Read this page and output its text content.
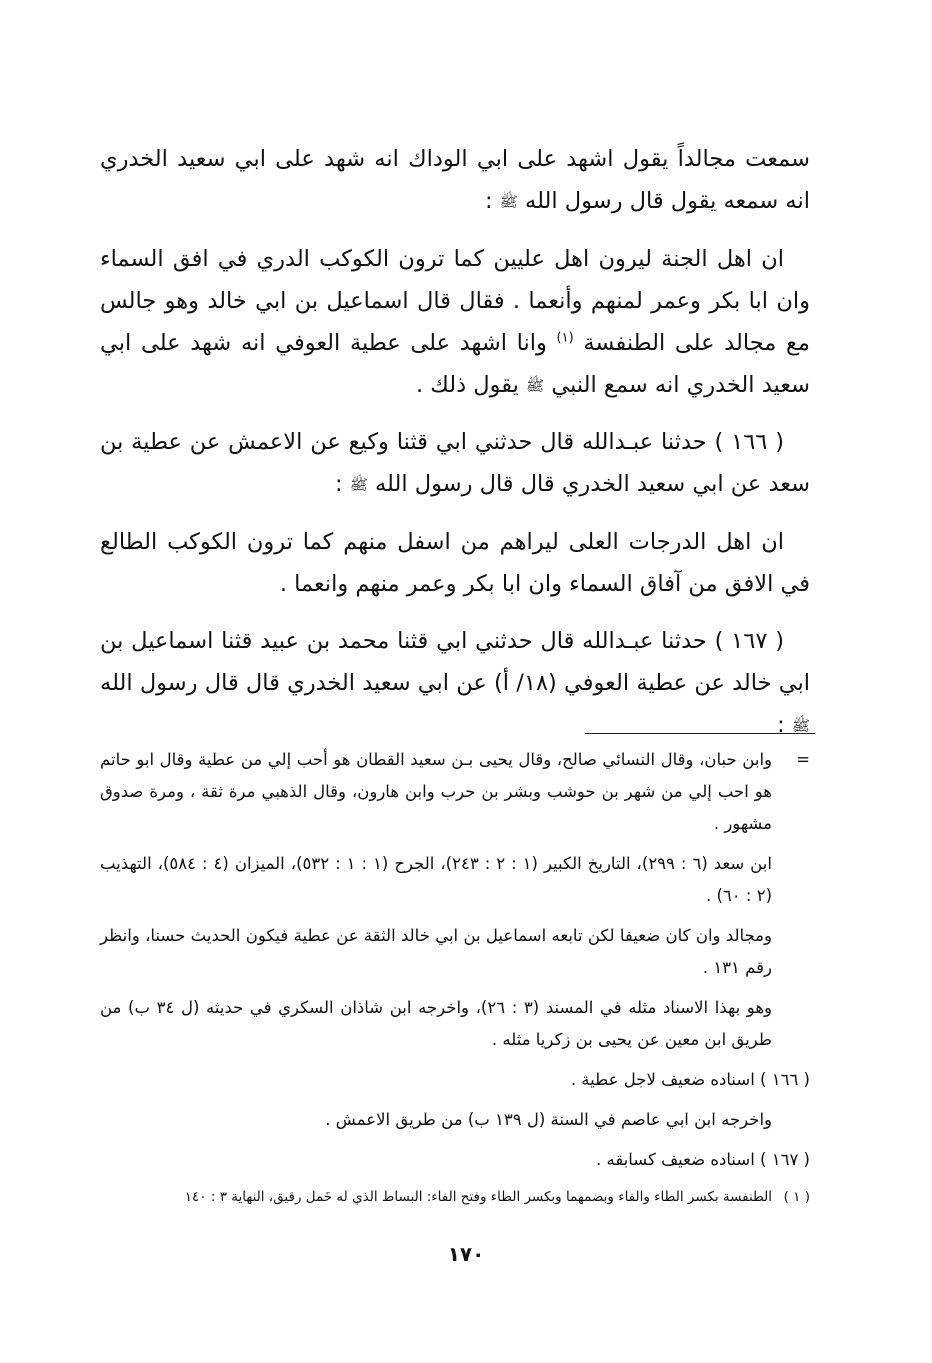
سمعت مجالداً يقول اشهد على ابي الوداك انه شهد على ابي سعيد الخدري انه سمعه يقول قال رسول الله ﷺ :

ان اهل الجنة ليرون اهل عليين كما ترون الكوكب الدري في افق السماء وان ابا بكر وعمر لمنهم وأنعما . فقال قال اسماعيل بن ابي خالد وهو جالس مع مجالد على الطنفسة $^{(١)}$ وانا اشهد على عطية العوفي انه شهد على ابي سعيد الخدري انه سمع النبي ﷺ يقول ذلك .

( ١٦٦ ) حدثنا عبـدالله قال حدثني ابي قثنا وكيع عن الاعمش عن عطية بن سعد عن ابي سعيد الخدري قال قال رسول الله ﷺ :

ان اهل الدرجات العلى ليراهم من اسفل منهم كما ترون الكوكب الطالع في الافق من آفاق السماء وان ابا بكر وعمر منهم وانعما .

( ١٦٧ ) حدثنا عبـدالله قال حدثني ابي قثنا محمد بن عبيد قثنا اسماعيل بن ابي خالد عن عطية العوفي (١٨/ أ) عن ابي سعيد الخدري قال قال رسول الله ﷺ :

=
وابن حبان، وقال النسائي صالح، وقال يحيى بـن سعيد القطان هو أحب إلي من عطية وقال ابو حاتم هو احب إلي من شهر بن حوشب وبشر بن حرب وابن هارون، وقال الذهبي مرة ثقة ، ومرة صدوق مشهور .
ابن سعد (٦ : ٢٩٩)، التاريخ الكبير (١ : ٢ : ٢٤٣)، الجرح (١ : ١ : ٥٣٢)، الميزان (٤ : ٥٨٤)، التهذيب (٢ : ٦٠) .
ومجالد وان كان ضعيفا لكن تابعه اسماعيل بن ابي خالد الثقة عن عطية فيكون الحديث حسنا، وانظر رقم ١٣١ .
وهو بهذا الاسناد مثله في المسند (٣ : ٢٦)، واخرجه ابن شاذان السكري في حديثه (ل ٣٤ ب) من طريق ابن معين عن يحيى بن زكريا مثله .
( ١٦٦ ) اسناده ضعيف لاجل عطية .
واخرجه ابن ابي عاصم في السنة (ل ١٣٩ ب) من طريق الاعمش .
( ١٦٧ ) اسناده ضعيف كسابقه .
( ١ )
الطنفسة بكسر الطاء والفاء وبضمهما وبكسر الطاء وفتح الفاء: البساط الذي له خَمل رقيق، النهاية ٣ : ١٤٠
١٧٠
